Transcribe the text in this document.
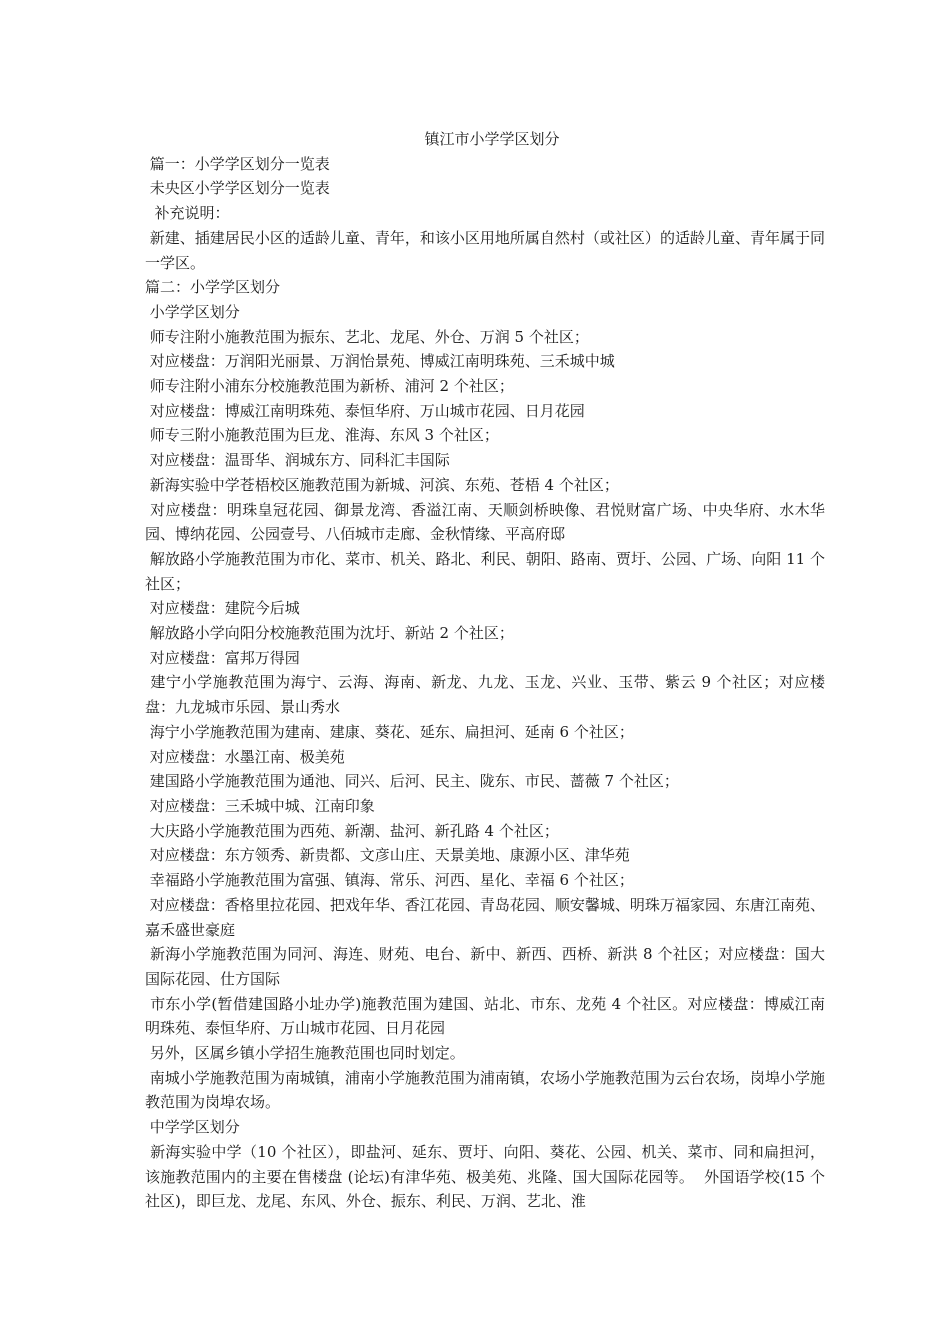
镇江市小学学区划分

篇一：小学学区划分一览表

未央区小学学区划分一览表

补充说明：

新建、插建居民小区的适龄儿童、青年，和该小区用地所属自然村（或社区）的适龄儿童、青年属于同一学区。

篇二：小学学区划分

小学学区划分

师专注附小施教范围为振东、艺北、龙尾、外仓、万润 5 个社区；

对应楼盘：万润阳光丽景、万润怡景苑、博威江南明珠苑、三禾城中城

师专注附小浦东分校施教范围为新桥、浦河 2 个社区；

对应楼盘：博威江南明珠苑、泰恒华府、万山城市花园、日月花园

师专三附小施教范围为巨龙、淮海、东风 3 个社区；

对应楼盘：温哥华、润城东方、同科汇丰国际

新海实验中学苍梧校区施教范围为新城、河滨、东苑、苍梧 4 个社区；

对应楼盘：明珠皇冠花园、御景龙湾、香溢江南、天顺剑桥映像、君悦财富广场、中央华府、水木华园、博纳花园、公园壹号、八佰城市走廊、金秋情缘、平高府邸

解放路小学施教范围为市化、菜市、机关、路北、利民、朝阳、路南、贾圩、公园、广场、向阳 11 个社区；

对应楼盘：建院今后城

解放路小学向阳分校施教范围为沈圩、新站 2 个社区；

对应楼盘：富邦万得园

建宁小学施教范围为海宁、云海、海南、新龙、九龙、玉龙、兴业、玉带、紫云 9 个社区；对应楼盘：九龙城市乐园、景山秀水

海宁小学施教范围为建南、建康、葵花、延东、扁担河、延南 6 个社区；

对应楼盘：水墨江南、极美苑

建国路小学施教范围为通池、同兴、后河、民主、陇东、市民、蔷薇 7 个社区；

对应楼盘：三禾城中城、江南印象

大庆路小学施教范围为西苑、新潮、盐河、新孔路 4 个社区；

对应楼盘：东方领秀、新贵都、文彦山庄、天景美地、康源小区、津华苑

幸福路小学施教范围为富强、镇海、常乐、河西、星化、幸福 6 个社区；

对应楼盘：香格里拉花园、把戏年华、香江花园、青岛花园、顺安馨城、明珠万福家园、东唐江南苑、嘉禾盛世豪庭

新海小学施教范围为同河、海连、财苑、电台、新中、新西、西桥、新洪 8 个社区；对应楼盘：国大国际花园、仕方国际

市东小学(暂借建国路小址办学)施教范围为建国、站北、市东、龙苑 4 个社区。对应楼盘：博威江南明珠苑、泰恒华府、万山城市花园、日月花园

另外，区属乡镇小学招生施教范围也同时划定。

南城小学施教范围为南城镇，浦南小学施教范围为浦南镇，农场小学施教范围为云台农场，岗埠小学施教范围为岗埠农场。

中学学区划分

新海实验中学（10 个社区），即盐河、延东、贾圩、向阳、葵花、公园、机关、菜市、同和扁担河，该施教范围内的主要在售楼盘 (论坛)有津华苑、极美苑、兆隆、国大国际花园等。  外国语学校(15 个社区)，即巨龙、龙尾、东风、外仓、振东、利民、万润、艺北、淮
